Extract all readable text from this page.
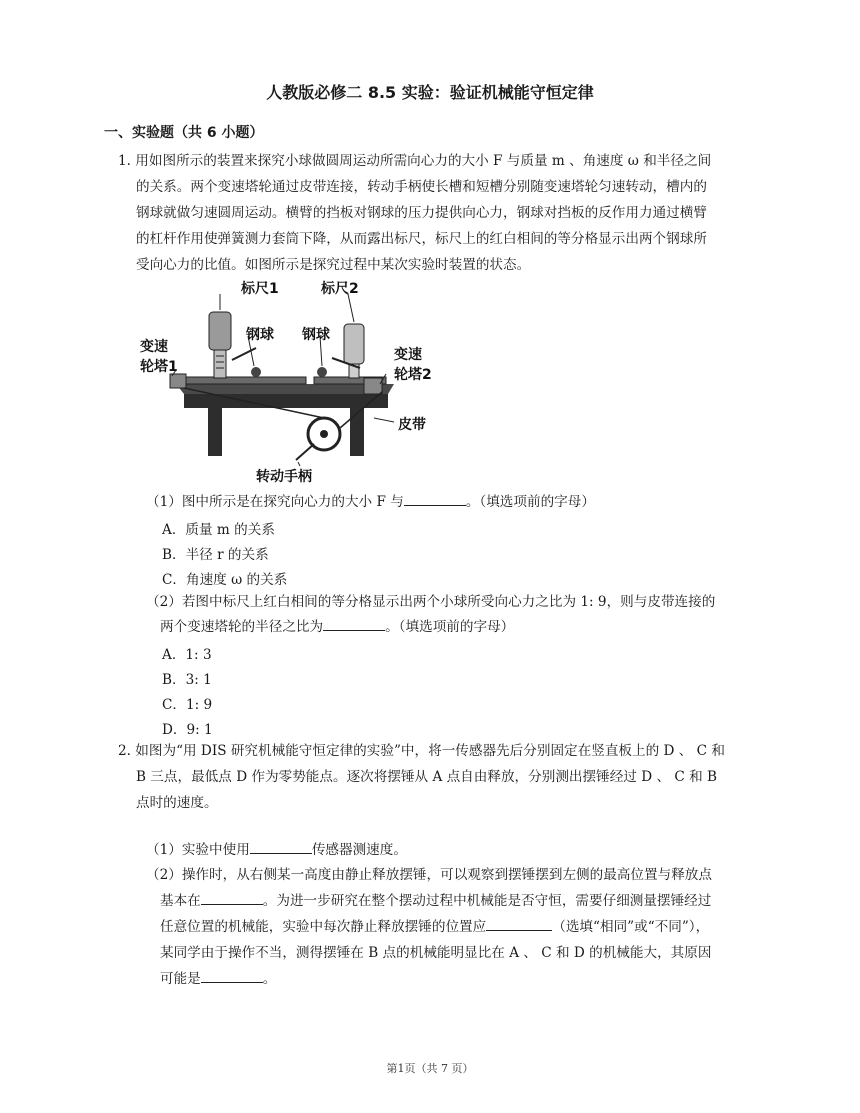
人教版必修二 8.5 实验：验证机械能守恒定律
一、实验题（共 6 小题）
1. 用如图所示的装置来探究小球做圆周运动所需向心力的大小 F 与质量 m 、角速度 ω 和半径之间
的关系。两个变速塔轮通过皮带连接，转动手柄使长槽和短槽分别随变速塔轮匀速转动，槽内的
钢球就做匀速圆周运动。横臂的挡板对钢球的压力提供向心力，钢球对挡板的反作用力通过横臂
的杠杆作用使弹簧测力套筒下降，从而露出标尺，标尺上的红白相间的等分格显示出两个钢球所
受向心力的比值。如图所示是探究过程中某次实验时装置的状态。
标尺1	标尺2
钢球 钢球
变速
轮塔1
变速
轮塔2
皮带
转动手柄
（1）图中所示是在探究向心力的大小 F 与	。（填选项前的字母）
A．质量 m 的关系
B．半径 r 的关系
C．角速度 ω 的关系
（2）若图中标尺上红白相间的等分格显示出两个小球所受向心力之比为 1: 9，则与皮带连接的
两个变速塔轮的半径之比为	。（填选项前的字母）
A．1: 3
B．3: 1
C．1: 9
D．9: 1
2. 如图为“用 DIS 研究机械能守恒定律的实验”中，将一传感器先后分别固定在竖直板上的 D 、 C 和
B 三点，最低点 D 作为零势能点。逐次将摆锤从 A 点自由释放，分别测出摆锤经过 D 、 C 和 B
点时的速度。
（1）实验中使用	传感器测速度。
（2）操作时，从右侧某一高度由静止释放摆锤，可以观察到摆锤摆到左侧的最高位置与释放点
基本在	。为进一步研究在整个摆动过程中机械能是否守恒，需要仔细测量摆锤经过
任意位置的机械能，实验中每次静止释放摆锤的位置应	（选填“相同”或“不同”），
某同学由于操作不当，测得摆锤在 B 点的机械能明显比在 A 、 C 和 D 的机械能大，其原因
可能是	。
第1页（共 7 页）
